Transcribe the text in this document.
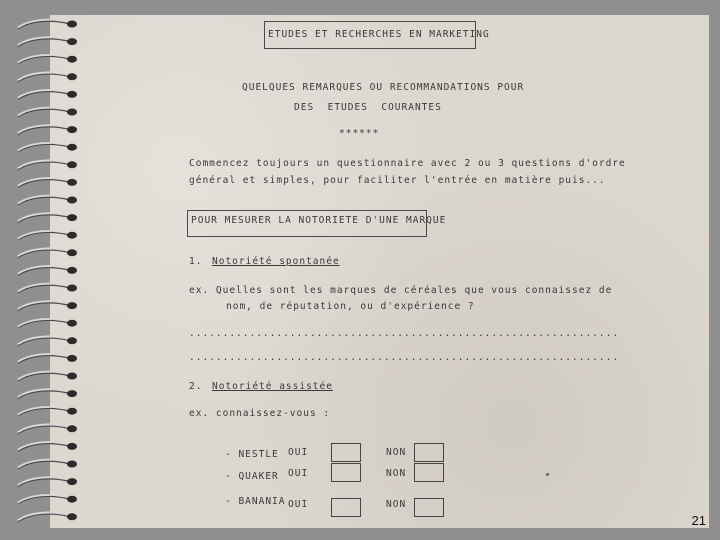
ETUDES ET RECHERCHES EN MARKETING
QUELQUES REMARQUES OU RECOMMANDATIONS POUR
DES  ETUDES  COURANTES
******
Commencez toujours un questionnaire avec 2 ou 3 questions d'ordre
général et simples, pour faciliter l'entrée en matière puis...
POUR MESURER LA NOTORIETE D'UNE MARQUE
1. Notoriété spontanée
ex. Quelles sont les marques de céréales que vous connaissez de
nom, de réputation, ou d'expérience ?
................................................................
................................................................
2. Notoriété assistée
ex. connaissez-vous :
- NESTLE OUI	NON
- QUAKER OUI	NON
- BANANIA OUI	NON
21
